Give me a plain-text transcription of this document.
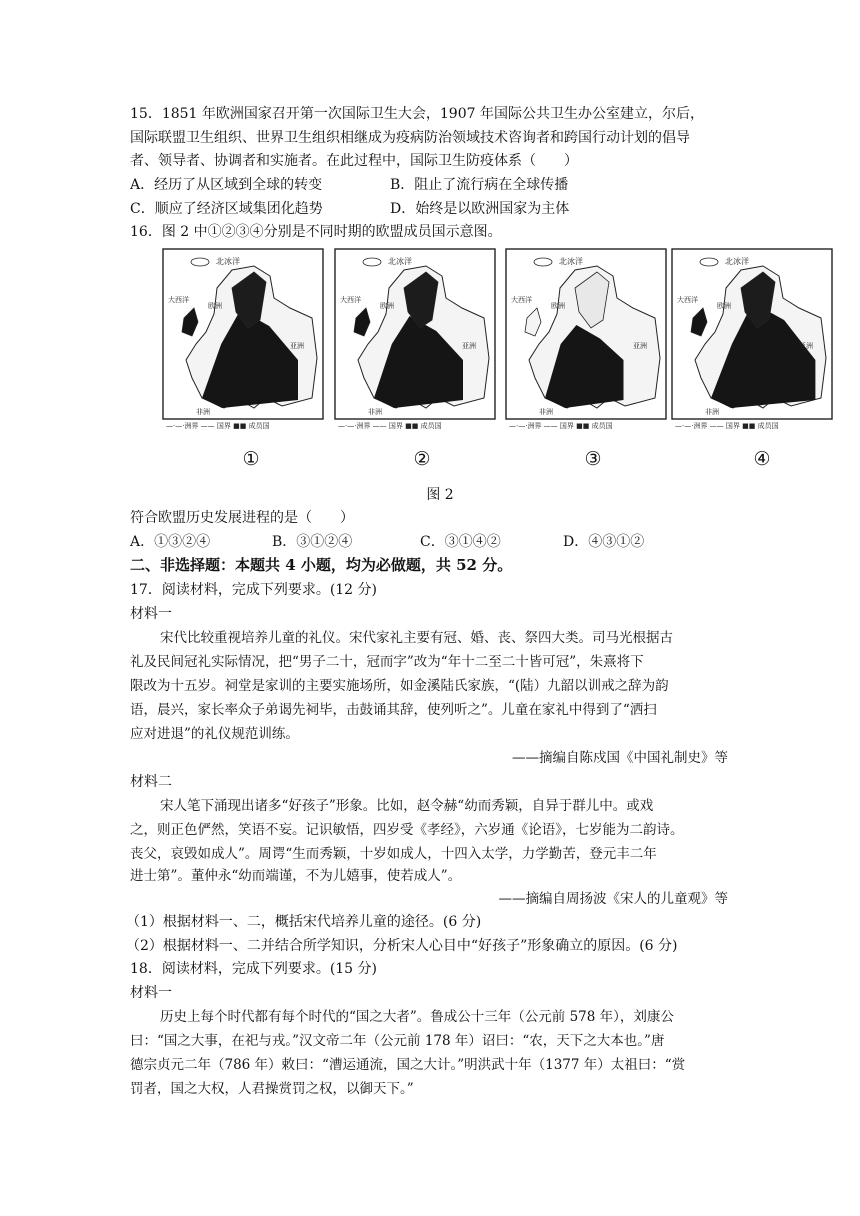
15．1851 年欧洲国家召开第一次国际卫生大会，1907 年国际公共卫生办公室建立，尔后，
国际联盟卫生组织、世界卫生组织相继成为疫病防治领域技术咨询者和跨国行动计划的倡导
者、领导者、协调者和实施者。在此过程中，国际卫生防疫体系（　　）
A．经历了从区域到全球的转变	B．阻止了流行病在全球传播
C．顺应了经济区域集团化趋势	D．始终是以欧洲国家为主体
16．图 2 中①②③④分别是不同时期的欧盟成员国示意图。
北冰洋
大西洋
欧洲
亚洲
非洲
—·—·洲界 —— 国界 ■■ 成员国
北冰洋
大西洋
欧洲
亚洲
非洲
—·—·洲界 —— 国界 ■■ 成员国
北冰洋
大西洋
欧洲
亚洲
非洲
—·—·洲界 —— 国界 ■■ 成员国
北冰洋
大西洋
欧洲
亚洲
非洲
—·—·洲界 —— 国界 ■■ 成员国
①	②	③	④
图 2
符合欧盟历史发展进程的是（　　）
A．①③②④	B．③①②④	C．③①④②	D．④③①②
二、非选择题：本题共 4 小题，均为必做题，共 52 分。
17．阅读材料，完成下列要求。(12 分)
材料一
宋代比较重视培养儿童的礼仪。宋代家礼主要有冠、婚、丧、祭四大类。司马光根据古
礼及民间冠礼实际情况，把“男子二十，冠而字”改为“年十二至二十皆可冠”，朱熹将下
限改为十五岁。祠堂是家训的主要实施场所，如金溪陆氏家族，“(陆）九韶以训戒之辞为韵
语，晨兴，家长率众子弟谒先祠毕，击鼓诵其辞，使列听之”。儿童在家礼中得到了“洒扫
应对进退”的礼仪规范训练。
——摘编自陈戍国《中国礼制史》等
材料二
宋人笔下涌现出诸多“好孩子”形象。比如，赵令赫“幼而秀颖，自异于群儿中。或戏
之，则正色俨然，笑语不妄。记识敏悟，四岁受《孝经》，六岁通《论语》，七岁能为二韵诗。
丧父，哀毁如成人”。周谔“生而秀颖，十岁如成人，十四入太学，力学勤苦，登元丰二年
进士第”。董仲永“幼而端谨，不为儿嬉事，使若成人”。
——摘编自周扬波《宋人的儿童观》等
（1）根据材料一、二，概括宋代培养儿童的途径。(6 分)
（2）根据材料一、二并结合所学知识，分析宋人心目中“好孩子”形象确立的原因。(6 分)
18．阅读材料，完成下列要求。(15 分)
材料一
历史上每个时代都有每个时代的“国之大者”。鲁成公十三年（公元前 578 年），刘康公
曰：“国之大事，在祀与戎。”汉文帝二年（公元前 178 年）诏曰：“农，天下之大本也。”唐
德宗贞元二年（786 年）敕曰：“漕运通流，国之大计。”明洪武十年（1377 年）太祖曰：“赏
罚者，国之大权，人君操赏罚之权，以御天下。”
